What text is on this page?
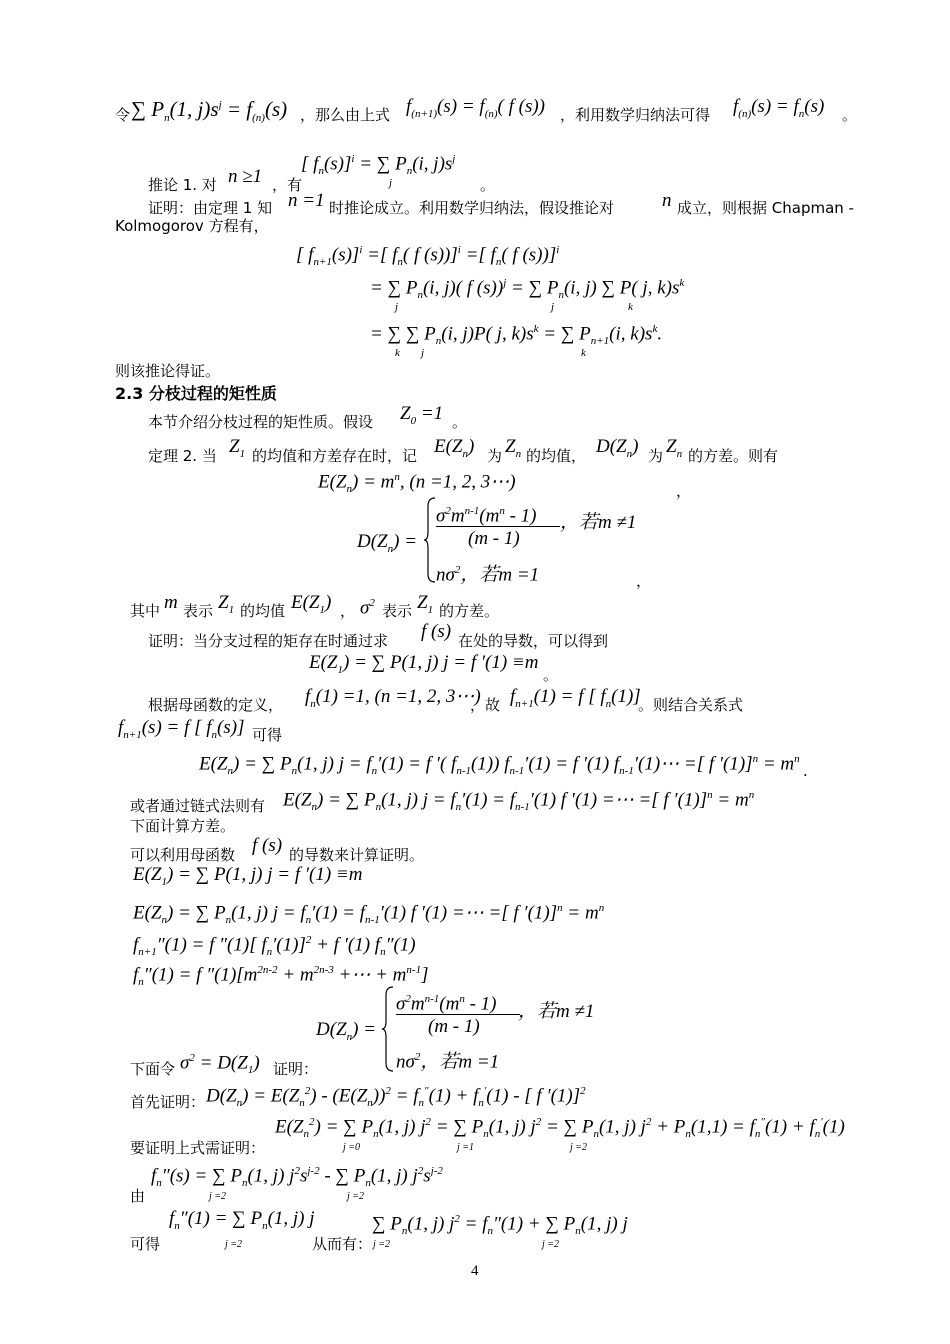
令 ∑ $P_n(1$, $j)s^j = f_{(n)}(s)$ ，那么由上式 $f_{(n+1)}(s) = f_{(n)}$( f (s)) ，利用数学归纳法可得 $f_{(n)}(s) = f_n(s)$ 。
[ $f_n(s)]^i$ = ∑ $P_n(i$, $j)s^j$
j
推论 1. 对 n ≥1 ，有	。
证明：由定理 1 知 n =1 时推论成立。利用数学归纳法，假设推论对	n 成立，则根据 Chapman -
Kolmogorov 方程有，
[ $f_{n+1}(s)]^i$ =[ $f_n$( f (s))]$^i$ =[ $f_n$( f (s))]$^i$
= ∑ $P_n(i$, j)( f (s))$^j$ = ∑ $P_n(i$, j) ∑ P( j, $k)s^k$
j	j	k
= ∑ ∑ $P_n(i$, j)P( j, $k)s^k$ = ∑ $P_{n+1}(i$, $k)s^k$.
k j	k
则该推论得证。
2.3 分枝过程的矩性质
本节介绍分枝过程的矩性质。假设 $Z_0 =1$ 。
定理 2. 当 $Z_1$ 的均值和方差存在时，记 $E(Z_n)$ 为 $Z_n$ 的均值， $D(Z_n)$ 为 $Z_n$ 的方差。则有
$E(Z_n) = m^n$, (n =1, 2, 3⋯)	，
$D(Z_n)$ =
$\sigma^2m^{n-1}(m^n - 1)$
(m - 1)
，若m ≠1
$n\sigma^2$，若m =1	，
其中 m 表示 $Z_1$ 的均值 $E(Z_1)$ ， $\sigma^2$ 表示 $Z_1$ 的方差。
证明：当分支过程的矩存在时通过求 f (s) 在处的导数，可以得到
$E(Z_1)$ = ∑ P(1, j) j = f ′(1) ≡m
。
根据母函数的定义， $f_n(1) =1$, (n =1, 2, 3⋯)
，故 $f_{n+1}(1) = f$ [ $f_n(1)$]
。则结合关系式
$f_{n+1}(s) = f$ [ $f_n(s)$] 可得
$E(Z_n)$ = ∑ $P_n(1$, j) $j = f_n'(1) = f$ ′( $f_{n-1}(1)$) $f_{n-1}'(1) = f$ ′(1) $f_{n-1}'(1)\cdots$ =[ f $'(1)]^n = m^n$
.
或者通过链式法则有 $E(Z_n)$ = ∑ $P_n(1$, j) $j = f_n'(1) = f_{n-1}'(1)$ f ′(1) =⋯ =[ f $'(1)]^n = m^n$
下面计算方差。
可以利用母函数 f (s) 的导数来计算证明。
$E(Z_1)$ = ∑ P(1, j) j = f ′(1) ≡m
$E(Z_n)$ = ∑ $P_n(1$, j) $j = f_n'(1) = f_{n-1}'(1)$ f ′(1) =⋯ =[ f $'(1)]^n = m^n$
$f_{n+1}''(1) = f$ ″(1)[ $f_n'(1)]^2 + f$ ′(1) $f_n''(1)$
$f_n''(1) = f$ $''(1)[m^{2n-2} + m^{2n-3}$ +⋯ + $m^{n-1}$]
$D(Z_n)$ =
$\sigma^2m^{n-1}(m^n - 1)$
(m - 1)
，若m ≠1
$n\sigma^2$，若m =1
下面令 $\sigma^2 = D(Z_1)$ 证明：
首先证明： $D(Z_n) = E(Z_n^2) - (E(Z_n))^2 = f_n''(1) + f_n'(1)$ - [ f ′(1)]$^2$
$E(Z_n^2)$ = ∑ $P_n(1$, j) $j^2$ = ∑ $P_n(1$, j) $j^2$ = ∑ $P_n(1$, j) $j^2 + P_n(1,1) = f_n''(1) + f_n'(1)$
j =0	j =1	j =2
要证明上式需证明：
$f_n''(s)$ = ∑ $P_n(1$, j) $j^2s^{j-2}$ - ∑ $P_n(1$, j) $j^2s^{j-2}$
j =2	j =2
由
$f_n''(1)$ = ∑ $P_n(1$, j) j	∑ $P_n(1$, j) $j^2 = f_n''(1)$ + ∑ $P_n(1$, j) j
j =2	j =2	j =2
可得	从而有：
4
